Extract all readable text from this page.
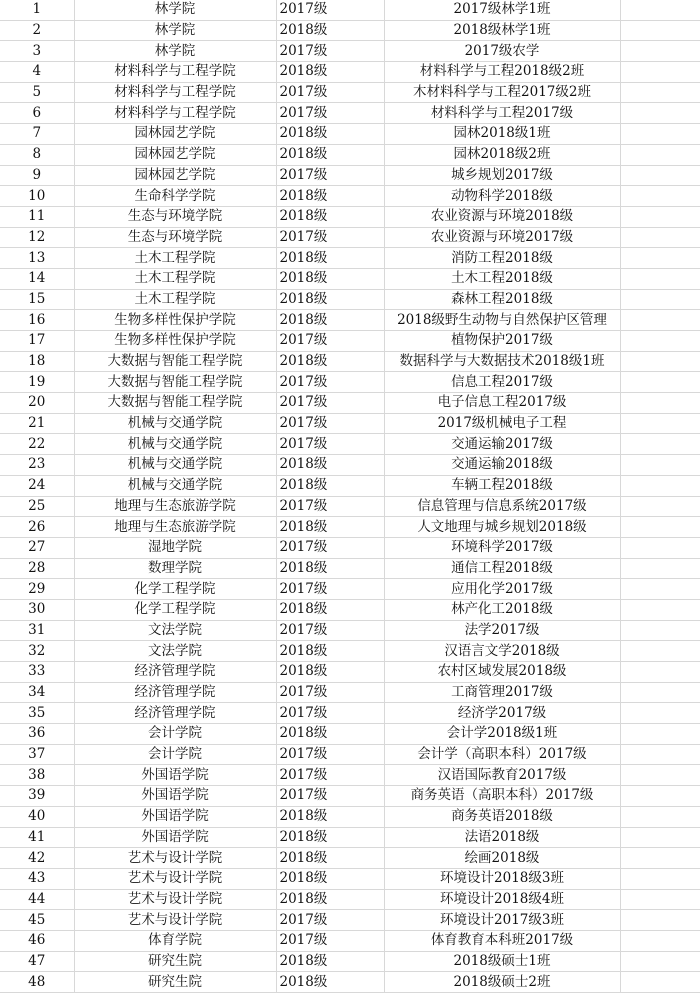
1	林学院	2017级	2017级林学1班	
2	林学院	2018级	2018级林学1班	
3	林学院	2017级	2017级农学	
4	材料科学与工程学院	2018级	材料科学与工程2018级2班	
5	材料科学与工程学院	2017级	木材料科学与工程2017级2班	
6	材料科学与工程学院	2017级	材料科学与工程2017级	
7	园林园艺学院	2018级	园林2018级1班	
8	园林园艺学院	2018级	园林2018级2班	
9	园林园艺学院	2017级	城乡规划2017级	
10	生命科学学院	2018级	动物科学2018级	
11	生态与环境学院	2018级	农业资源与环境2018级	
12	生态与环境学院	2017级	农业资源与环境2017级	
13	土木工程学院	2018级	消防工程2018级	
14	土木工程学院	2018级	土木工程2018级	
15	土木工程学院	2018级	森林工程2018级	
16	生物多样性保护学院	2018级	2018级野生动物与自然保护区管理	
17	生物多样性保护学院	2017级	植物保护2017级	
18	大数据与智能工程学院	2018级	数据科学与大数据技术2018级1班	
19	大数据与智能工程学院	2017级	信息工程2017级	
20	大数据与智能工程学院	2017级	电子信息工程2017级	
21	机械与交通学院	2017级	2017级机械电子工程	
22	机械与交通学院	2017级	交通运输2017级	
23	机械与交通学院	2018级	交通运输2018级	
24	机械与交通学院	2018级	车辆工程2018级	
25	地理与生态旅游学院	2017级	信息管理与信息系统2017级	
26	地理与生态旅游学院	2018级	人文地理与城乡规划2018级	
27	湿地学院	2017级	环境科学2017级	
28	数理学院	2018级	通信工程2018级	
29	化学工程学院	2017级	应用化学2017级	
30	化学工程学院	2018级	林产化工2018级	
31	文法学院	2017级	法学2017级	
32	文法学院	2018级	汉语言文学2018级	
33	经济管理学院	2018级	农村区域发展2018级	
34	经济管理学院	2017级	工商管理2017级	
35	经济管理学院	2017级	经济学2017级	
36	会计学院	2018级	会计学2018级1班	
37	会计学院	2017级	会计学（高职本科）2017级	
38	外国语学院	2017级	汉语国际教育2017级	
39	外国语学院	2017级	商务英语（高职本科）2017级	
40	外国语学院	2018级	商务英语2018级	
41	外国语学院	2018级	法语2018级	
42	艺术与设计学院	2018级	绘画2018级	
43	艺术与设计学院	2018级	环境设计2018级3班	
44	艺术与设计学院	2018级	环境设计2018级4班	
45	艺术与设计学院	2017级	环境设计2017级3班	
46	体育学院	2017级	体育教育本科班2017级	
47	研究生院	2018级	2018级硕士1班	
48	研究生院	2018级	2018级硕士2班	
